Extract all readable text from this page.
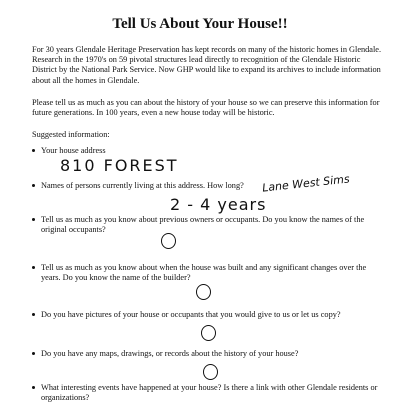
Tell Us About Your House!!

For 30 years Glendale Heritage Preservation has kept records on many of the historic homes in Glendale. Research in the 1970's on 59 pivotal structures lead directly to recognition of the Glendale Historic District by the National Park Service. Now GHP would like to expand its archives to include information about all the homes in Glendale.

Please tell us as much as you can about the history of your house so we can preserve this information for future generations. In 100 years, even a new house today will be historic.

Suggested information:

Your house address
810 FOREST
Names of persons currently living at this address. How long?	Lane West Sims
2 - 4 years
Tell us as much as you know about previous owners or occupants. Do you know the names of the original occupants?
Tell us as much as you know about when the house was built and any significant changes over the years. Do you know the name of the builder?
Do you have pictures of your house or occupants that you would give to us or let us copy?
Do you have any maps, drawings, or records about the history of your house?
What interesting events have happened at your house? Is there a link with other Glendale residents or organizations?
